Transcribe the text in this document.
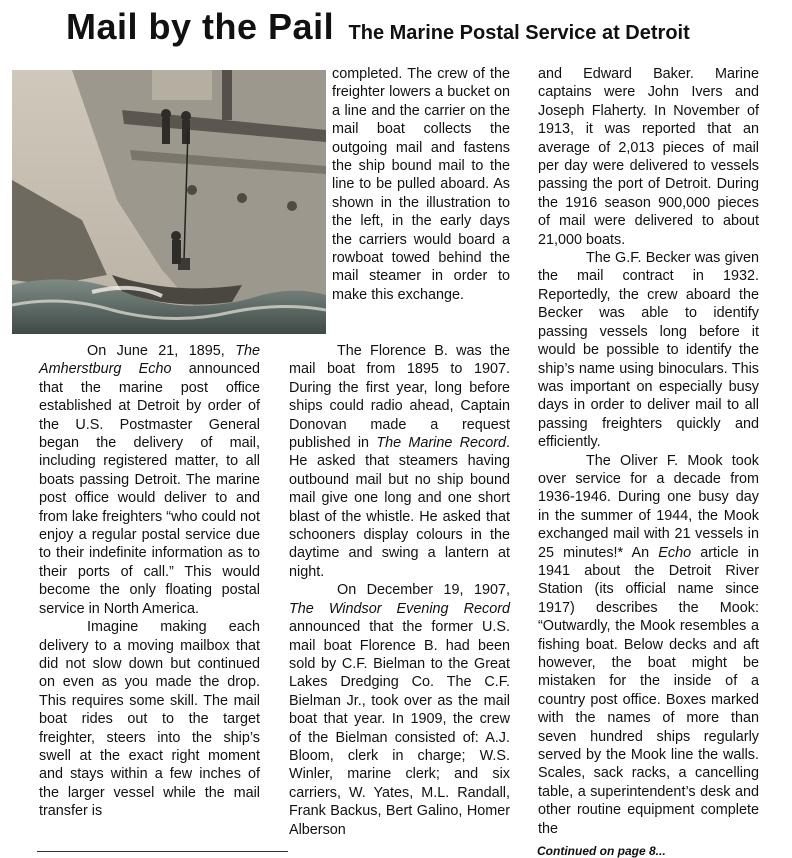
Mail by the Pail The Marine Postal Service at Detroit

completed. The crew of the freighter lowers a bucket on a line and the carrier on the mail boat collects the outgoing mail and fastens the ship bound mail to the line to be pulled aboard. As shown in the illustration to the left, in the early days the carriers would board a rowboat towed behind the mail steamer in order to make this exchange.

On June 21, 1895, The Amherstburg Echo announced that the marine post office established at Detroit by order of the U.S. Postmaster General began the delivery of mail, including registered matter, to all boats passing Detroit. The marine post office would deliver to and from lake freighters “who could not enjoy a regular postal service due to their indefinite information as to their ports of call.” This would become the only floating postal service in North America.

Imagine making each delivery to a moving mailbox that did not slow down but continued on even as you made the drop. This requires some skill. The mail boat rides out to the target freighter, steers into the ship’s swell at the exact right moment and stays within a few inches of the larger vessel while the mail transfer is

The Florence B. was the mail boat from 1895 to 1907. During the first year, long before ships could radio ahead, Captain Donovan made a request published in The Marine Record. He asked that steamers having outbound mail but no ship bound mail give one long and one short blast of the whistle. He asked that schooners display colours in the daytime and swing a lantern at night.

On December 19, 1907, The Windsor Evening Record announced that the former U.S. mail boat Florence B. had been sold by C.F. Bielman to the Great Lakes Dredging Co. The C.F. Bielman Jr., took over as the mail boat that year. In 1909, the crew of the Bielman consisted of: A.J. Bloom, clerk in charge; W.S. Winler, marine clerk; and six carriers, W. Yates, M.L. Randall, Frank Backus, Bert Galino, Homer Alberson

and Edward Baker. Marine captains were John Ivers and Joseph Flaherty. In November of 1913, it was reported that an average of 2,013 pieces of mail per day were delivered to vessels passing the port of Detroit. During the 1916 season 900,000 pieces of mail were delivered to about 21,000 boats.

The G.F. Becker was given the mail contract in 1932. Reportedly, the crew aboard the Becker was able to identify passing vessels long before it would be possible to identify the ship’s name using binoculars. This was important on especially busy days in order to deliver mail to all passing freighters quickly and efficiently.

The Oliver F. Mook took over service for a decade from 1936-1946. During one busy day in the summer of 1944, the Mook exchanged mail with 21 vessels in 25 minutes!* An Echo article in 1941 about the Detroit River Station (its official name since 1917) describes the Mook: “Outwardly, the Mook resembles a fishing boat. Below decks and aft however, the boat might be mistaken for the inside of a country post office. Boxes marked with the names of more than seven hundred ships regularly served by the Mook line the walls. Scales, sack racks, a cancelling table, a superintendent’s desk and other routine equipment complete the

Continued on page 8...
